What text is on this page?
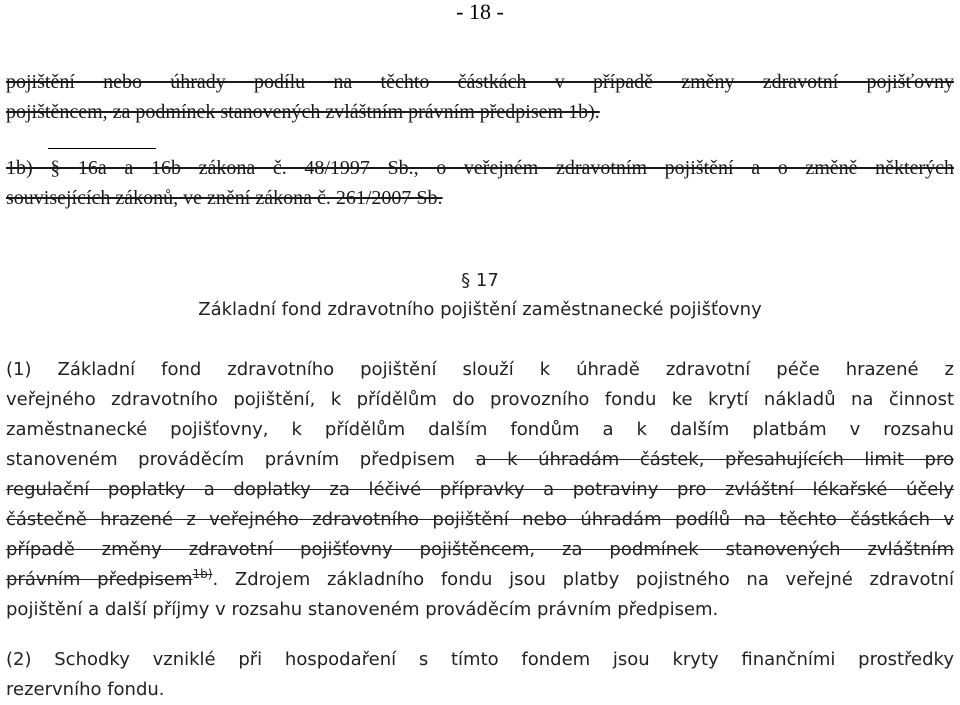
- 18 -
pojištění nebo úhrady podílu na těchto částkách v případě změny zdravotní pojišťovny
pojištěncem, za podmínek stanovených zvláštním právním předpisem 1b).
1b) § 16a a 16b zákona č. 48/1997 Sb., o veřejném zdravotním pojištění a o změně některých
souvisejících zákonů, ve znění zákona č. 261/2007 Sb.
§ 17
Základní fond zdravotního pojištění zaměstnanecké pojišťovny
(1) Základní fond zdravotního pojištění slouží k úhradě zdravotní péče hrazené z
veřejného zdravotního pojištění, k přídělům do provozního fondu ke krytí nákladů na činnost
zaměstnanecké pojišťovny, k přídělům dalším fondům a k dalším platbám v rozsahu
stanoveném prováděcím právním předpisem a k úhradám částek, přesahujících limit pro
regulační poplatky a doplatky za léčivé přípravky a potraviny pro zvláštní lékařské účely
částečně hrazené z veřejného zdravotního pojištění nebo úhradám podílů na těchto částkách v
případě změny zdravotní pojišťovny pojištěncem, za podmínek stanovených zvláštním
právním předpisem$^{1b)}$. Zdrojem základního fondu jsou platby pojistného na veřejné zdravotní
pojištění a další příjmy v rozsahu stanoveném prováděcím právním předpisem.
(2) Schodky vzniklé při hospodaření s tímto fondem jsou kryty finančními prostředky
rezervního fondu.
